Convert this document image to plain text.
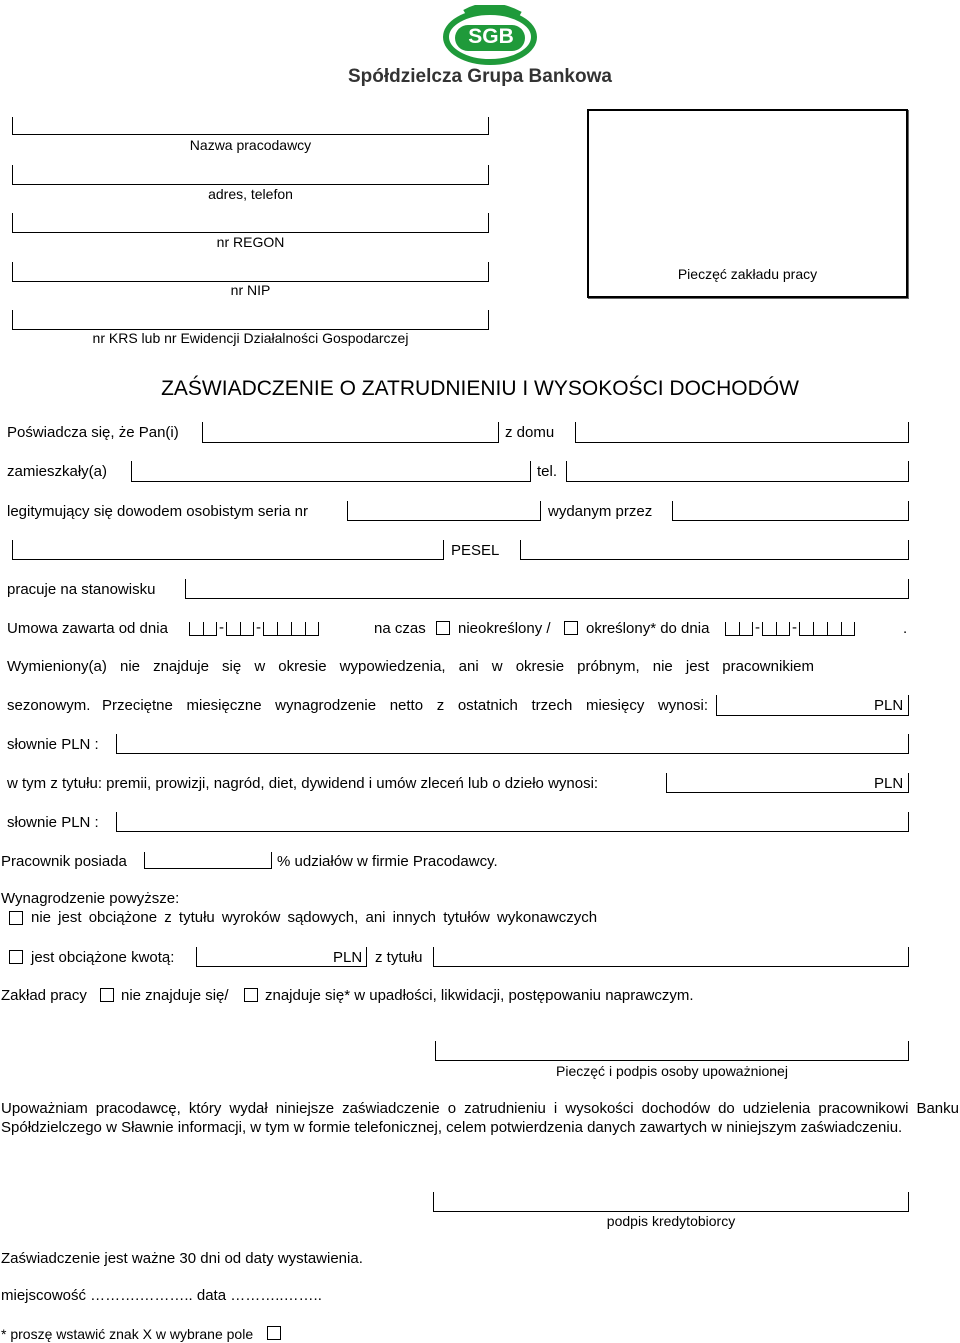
SGB
Spółdzielcza Grupa Bankowa
Nazwa pracodawcy
adres, telefon
nr REGON
nr NIP
nr KRS lub nr Ewidencji Działalności Gospodarczej
Pieczęć zakładu pracy
ZAŚWIADCZENIE O ZATRUDNIENIU I WYSOKOŚCI DOCHODÓW
Poświadcza się, że Pan(i)	z domu
zamieszkały(a)	tel.
legitymujący się dowodem osobistym seria nr	wydanym przez
PESEL
pracuje na stanowisku
Umowa zawarta od dnia	- -	na czas nieokreślony / określony* do dnia	- -	.
Wymieniony(a) nie znajduje się w okresie wypowiedzenia, ani w okresie próbnym, nie jest pracownikiem
sezonowym. Przeciętne miesięczne wynagrodzenie netto z ostatnich trzech miesięcy wynosi:	PLN
słownie PLN :
w tym z tytułu: premii, prowizji, nagród, diet, dywidend i umów zleceń lub o dzieło wynosi:	PLN
słownie PLN :
Pracownik posiada	% udziałów w firmie Pracodawcy.
Wynagrodzenie powyższe:
nie jest obciążone z tytułu wyroków sądowych, ani innych tytułów wykonawczych
jest obciążone kwotą:	PLN z tytułu
Zakład pracy nie znajduje się/ znajduje się* w upadłości, likwidacji, postępowaniu naprawczym.
Pieczęć i podpis osoby upoważnionej
Upoważniam pracodawcę, który wydał niniejsze zaświadczenie o zatrudnieniu i wysokości dochodów do udzielenia pracownikowi Banku Spółdzielczego w Sławnie informacji, w tym w formie telefonicznej, celem potwierdzenia danych zawartych w niniejszym zaświadczeniu.
podpis kredytobiorcy
Zaświadczenie jest ważne 30 dni od daty wystawienia.
miejscowość ……….……….. data ………..……..
* proszę wstawić znak X w wybrane pole
